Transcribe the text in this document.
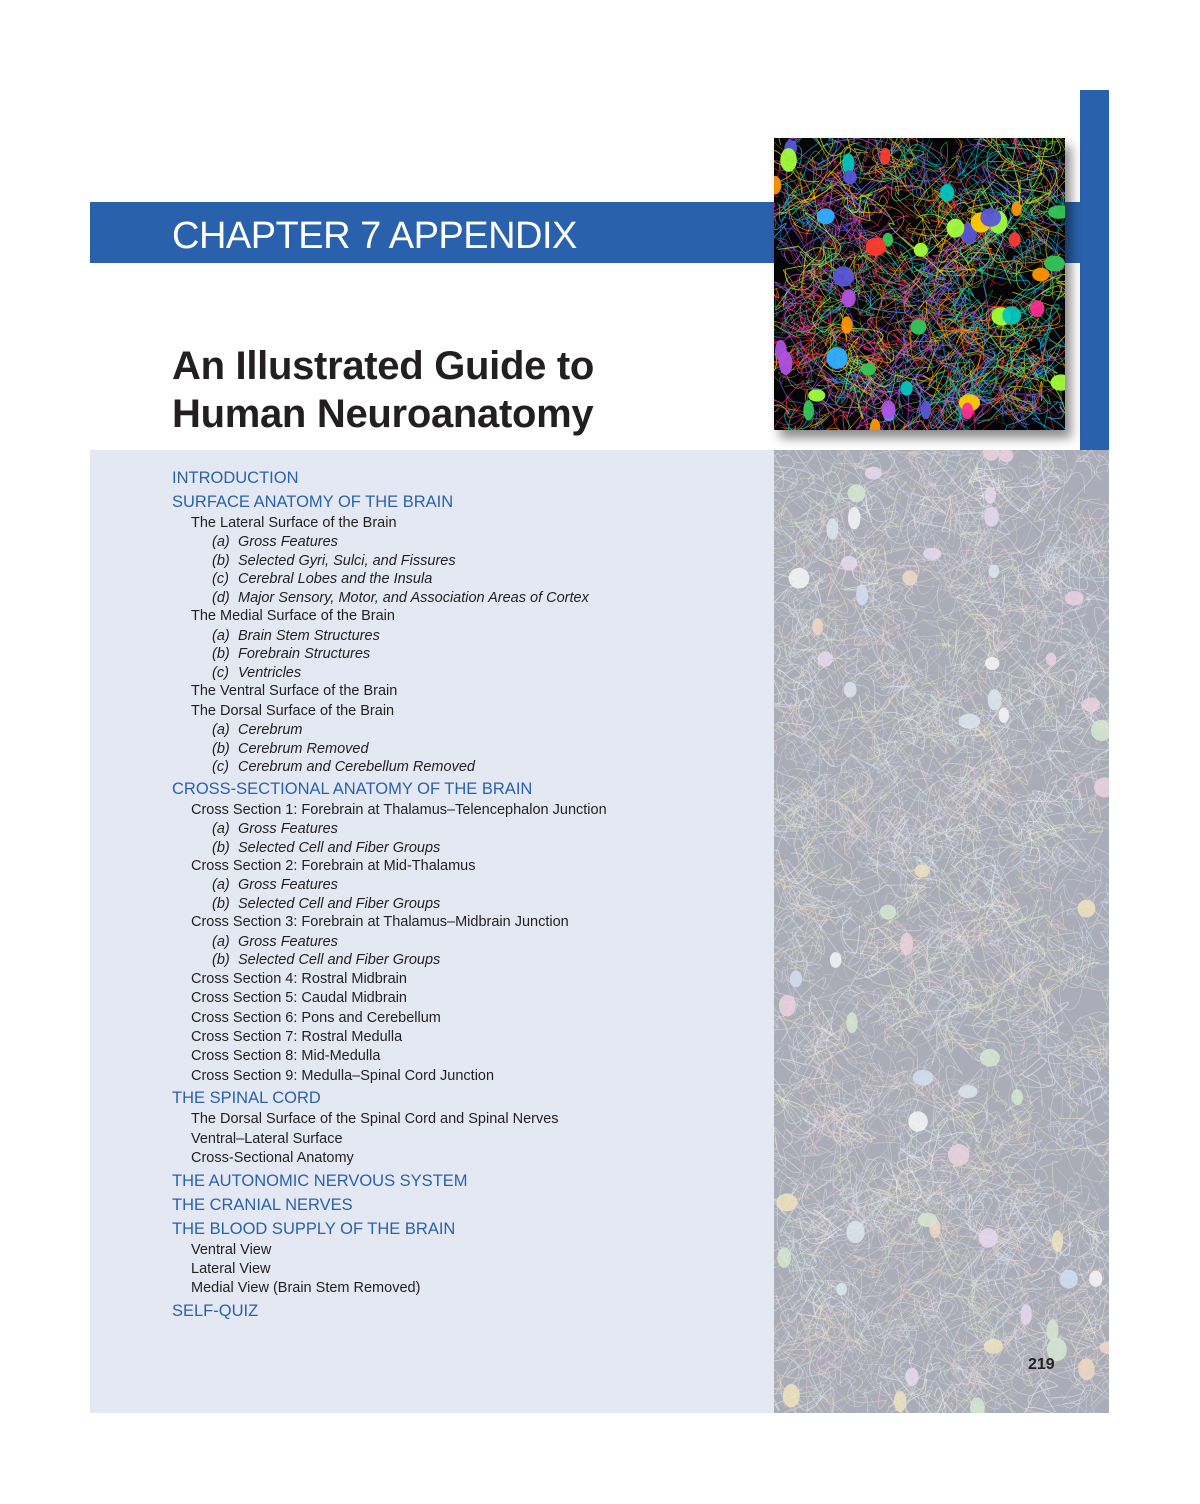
CHAPTER 7 APPENDIX
An Illustrated Guide to
Human Neuroanatomy
INTRODUCTION
SURFACE ANATOMY OF THE BRAIN
The Lateral Surface of the Brain
(a) Gross Features
(b) Selected Gyri, Sulci, and Fissures
(c) Cerebral Lobes and the Insula
(d) Major Sensory, Motor, and Association Areas of Cortex
The Medial Surface of the Brain
(a) Brain Stem Structures
(b) Forebrain Structures
(c) Ventricles
The Ventral Surface of the Brain
The Dorsal Surface of the Brain
(a) Cerebrum
(b) Cerebrum Removed
(c) Cerebrum and Cerebellum Removed
CROSS-SECTIONAL ANATOMY OF THE BRAIN
Cross Section 1: Forebrain at Thalamus–Telencephalon Junction
(a) Gross Features
(b) Selected Cell and Fiber Groups
Cross Section 2: Forebrain at Mid-Thalamus
(a) Gross Features
(b) Selected Cell and Fiber Groups
Cross Section 3: Forebrain at Thalamus–Midbrain Junction
(a) Gross Features
(b) Selected Cell and Fiber Groups
Cross Section 4: Rostral Midbrain
Cross Section 5: Caudal Midbrain
Cross Section 6: Pons and Cerebellum
Cross Section 7: Rostral Medulla
Cross Section 8: Mid-Medulla
Cross Section 9: Medulla–Spinal Cord Junction
THE SPINAL CORD
The Dorsal Surface of the Spinal Cord and Spinal Nerves
Ventral–Lateral Surface
Cross-Sectional Anatomy
THE AUTONOMIC NERVOUS SYSTEM
THE CRANIAL NERVES
THE BLOOD SUPPLY OF THE BRAIN
Ventral View
Lateral View
Medial View (Brain Stem Removed)
SELF-QUIZ
219
